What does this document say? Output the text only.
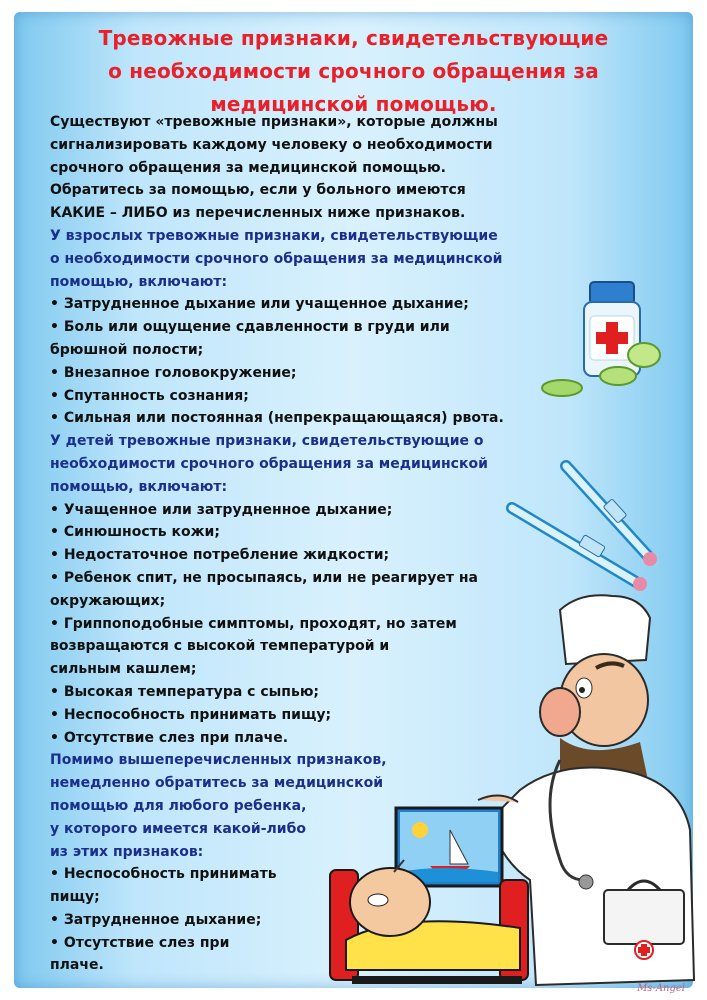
Тревожные признаки, свидетельствующие
о необходимости срочного обращения за
медицинской помощью.
Существуют «тревожные признаки», которые должны
сигнализировать каждому человеку о необходимости
срочного обращения за медицинской помощью.
Обратитесь за помощью, если у больного имеются
КАКИЕ – ЛИБО из перечисленных ниже признаков.
У взрослых тревожные признаки, свидетельствующие
о необходимости срочного обращения за медицинской
помощью, включают:
• Затрудненное дыхание или учащенное дыхание;
• Боль или ощущение сдавленности в груди или
брюшной полости;
• Внезапное головокружение;
• Спутанность сознания;
• Сильная или постоянная (непрекращающаяся) рвота.
У детей тревожные признаки, свидетельствующие о
необходимости срочного обращения за медицинской
помощью, включают:
• Учащенное или затрудненное дыхание;
• Синюшность кожи;
• Недостаточное потребление жидкости;
• Ребенок спит, не просыпаясь, или не реагирует на
окружающих;
• Гриппоподобные симптомы, проходят, но затем
возвращаются с высокой температурой и
сильным кашлем;
• Высокая температура с сыпью;
• Неспособность принимать пищу;
• Отсутствие слез при плаче.
Помимо вышеперечисленных признаков,
немедленно обратитесь за медицинской
помощью для любого ребенка,
у которого имеется какой-либо
из этих признаков:
• Неспособность принимать
пищу;
• Затрудненное дыхание;
• Отсутствие слез при
плаче.
Ms-Angel
